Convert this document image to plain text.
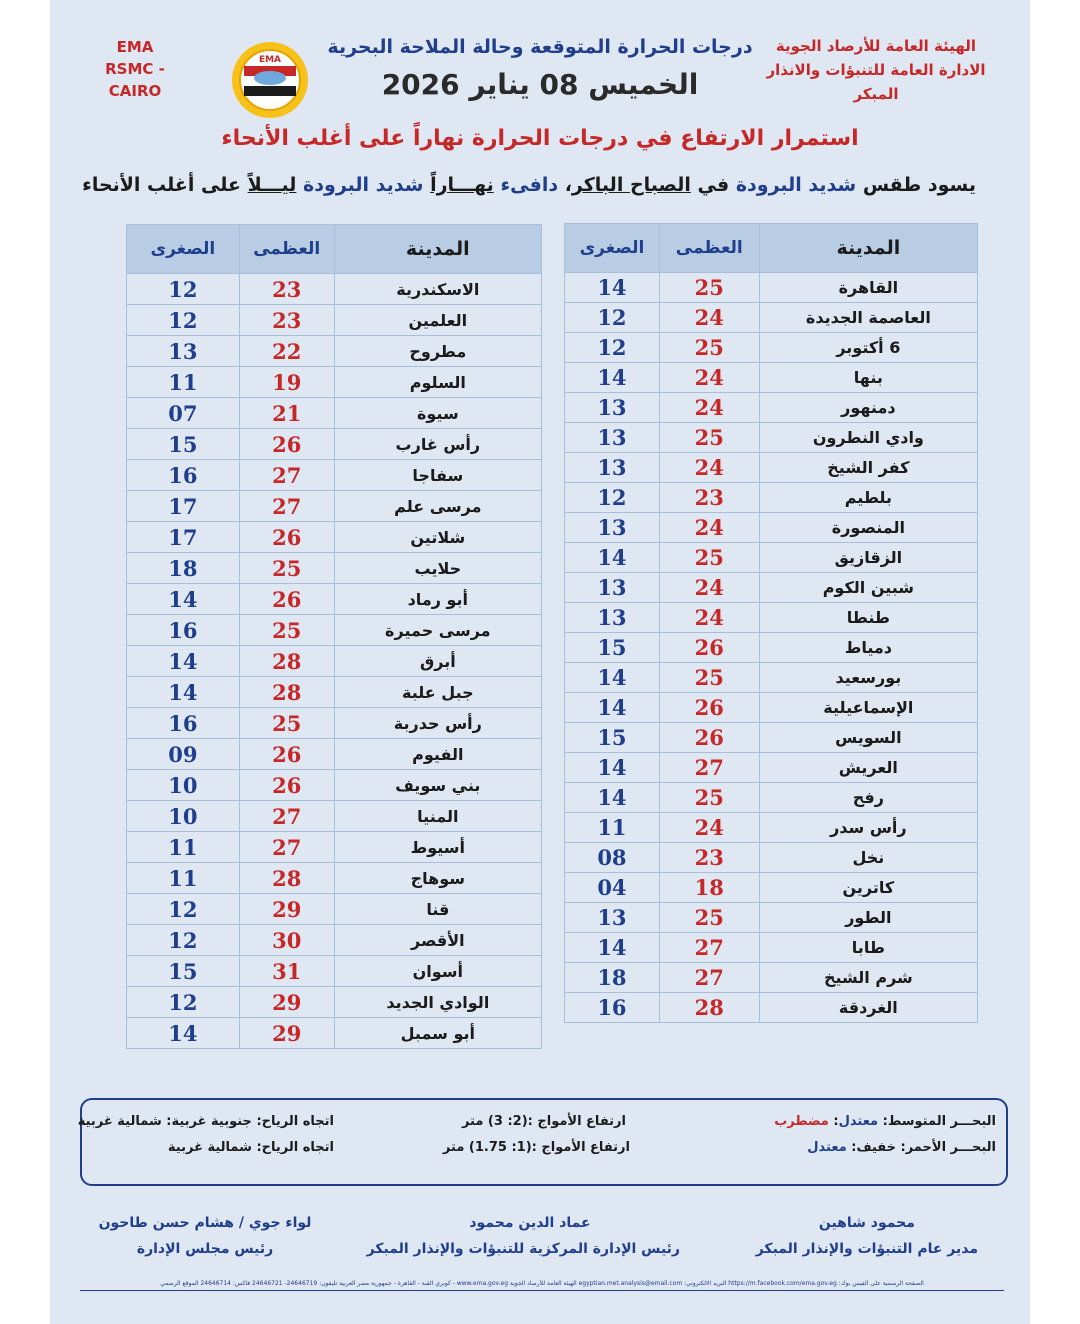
EMA
RSMC - CAIRO
EMA
درجات الحرارة المتوقعة وحالة الملاحة البحرية
الخميس 08 يناير 2026
الهيئة العامة للأرصاد الجوية
الادارة العامة للتنبؤات والانذار المبكر
استمرار الارتفاع في درجات الحرارة نهاراً على أغلب الأنحاء
يسود طقس شديد البرودة في الصباح الباكر، دافىء نهـــاراً شديد البرودة ليـــلاً على أغلب الأنحاء
المدينة	العظمى	الصغرى
القاهرة	25	14
العاصمة الجديدة	24	12
6 أكتوبر	25	12
بنها	24	14
دمنهور	24	13
وادي النطرون	25	13
كفر الشيخ	24	13
بلطيم	23	12
المنصورة	24	13
الزقازيق	25	14
شبين الكوم	24	13
طنطا	24	13
دمياط	26	15
بورسعيد	25	14
الإسماعيلية	26	14
السويس	26	15
العريش	27	14
رفح	25	14
رأس سدر	24	11
نخل	23	08
كاترين	18	04
الطور	25	13
طابا	27	14
شرم الشيخ	27	18
الغردقة	28	16
المدينة	العظمى	الصغرى
الاسكندرية	23	12
العلمين	23	12
مطروح	22	13
السلوم	19	11
سيوة	21	07
رأس غارب	26	15
سفاجا	27	16
مرسى علم	27	17
شلاتين	26	17
حلايب	25	18
أبو رماد	26	14
مرسى حميرة	25	16
أبرق	28	14
جبل علبة	28	14
رأس حدربة	25	16
الفيوم	26	09
بني سويف	26	10
المنيا	27	10
أسيوط	27	11
سوهاج	28	11
قنا	29	12
الأقصر	30	12
أسوان	31	15
الوادي الجديد	29	12
أبو سمبل	29	14
البحـــر المتوسط: معتدل: مضطرب
ارتفاع الأمواج :(2: 3) متر
اتجاه الرياح: جنوبية غربية: شمالية غربية
البحـــر الأحمر: خفيف: معتدل
ارتفاع الأمواج :(1: 1.75) متر
اتجاه الرياح: شمالية غربية
محمود شاهين
مدير عام التنبؤات والإنذار المبكر
عماد الدين محمود
رئيس الإدارة المركزية للتنبؤات والإنذار المبكر
لواء جوي / هشام حسن طاحون
رئيس مجلس الإدارة
الصفحة الرسمية على الفيس بوك: https://m.facebook.com/ema.gov.eg البريد الالكتروني: egyptian.met.analysis@email.com الهيئة العامة للأرصاد الجوية www.ema.gov.eg - كوبري القبة - القاهرة - جمهورية مصر العربية تليفون: 24646719- 24646721 فاكس: 24646714 الموقع الرسمي
